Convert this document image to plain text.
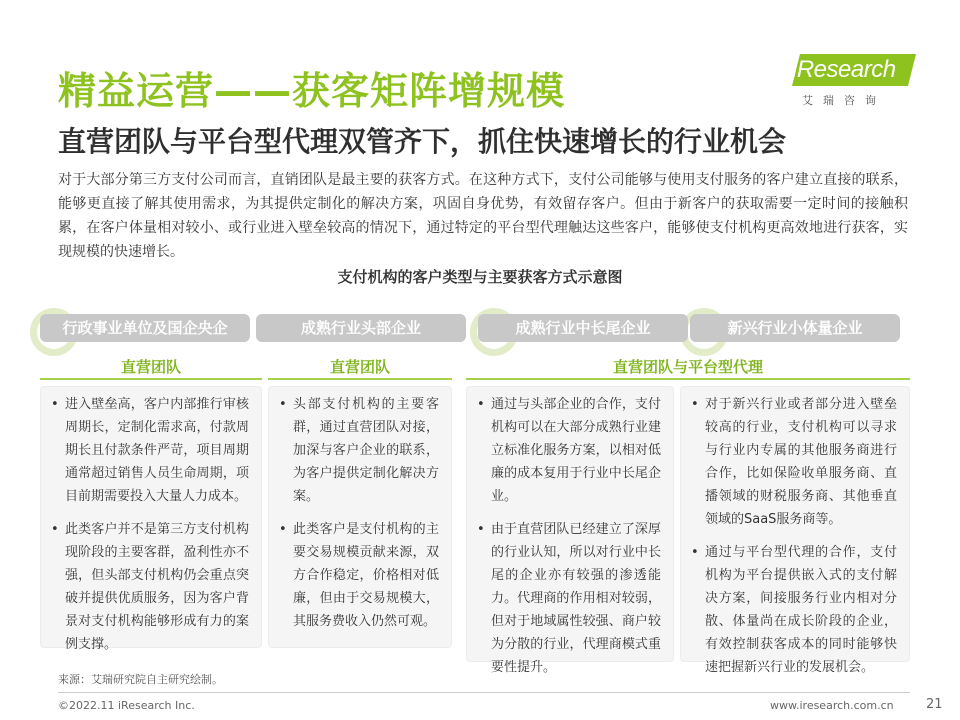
精益运营——获客矩阵增规模
直营团队与平台型代理双管齐下，抓住快速增长的行业机会
iResearch
艾瑞咨询
对于大部分第三方支付公司而言，直销团队是最主要的获客方式。在这种方式下，支付公司能够与使用支付服务的客户建立直接的联系，能够更直接了解其使用需求，为其提供定制化的解决方案，巩固自身优势，有效留存客户。但由于新客户的获取需要一定时间的接触积累，在客户体量相对较小、或行业进入壁垒较高的情况下，通过特定的平台型代理触达这些客户，能够使支付机构更高效地进行获客，实现规模的快速增长。
支付机构的客户类型与主要获客方式示意图
行政事业单位及国企央企	成熟行业头部企业	成熟行业中长尾企业	新兴行业小体量企业
直营团队	直营团队	直营团队与平台型代理
• 进入壁垒高，客户内部推行审核周期长，定制化需求高，付款周期长且付款条件严苛，项目周期通常超过销售人员生命周期，项目前期需要投入大量人力成本。
• 此类客户并不是第三方支付机构现阶段的主要客群，盈利性亦不强，但头部支付机构仍会重点突破并提供优质服务，因为客户背景对支付机构能够形成有力的案例支撑。
• 头部支付机构的主要客群，通过直营团队对接，加深与客户企业的联系，为客户提供定制化解决方案。
• 此类客户是支付机构的主要交易规模贡献来源，双方合作稳定，价格相对低廉，但由于交易规模大，其服务费收入仍然可观。
• 通过与头部企业的合作，支付机构可以在大部分成熟行业建立标准化服务方案，以相对低廉的成本复用于行业中长尾企业。
• 由于直营团队已经建立了深厚的行业认知，所以对行业中长尾的企业亦有较强的渗透能力。代理商的作用相对较弱，但对于地域属性较强、商户较为分散的行业，代理商模式重要性提升。
• 对于新兴行业或者部分进入壁垒较高的行业，支付机构可以寻求与行业内专属的其他服务商进行合作，比如保险收单服务商、直播领域的财税服务商、其他垂直领域的SaaS服务商等。
• 通过与平台型代理的合作，支付机构为平台提供嵌入式的支付解决方案，间接服务行业内相对分散、体量尚在成长阶段的企业，有效控制获客成本的同时能够快速把握新兴行业的发展机会。
来源：艾瑞研究院自主研究绘制。
©2022.11 iResearch Inc.	www.iresearch.com.cn 21
